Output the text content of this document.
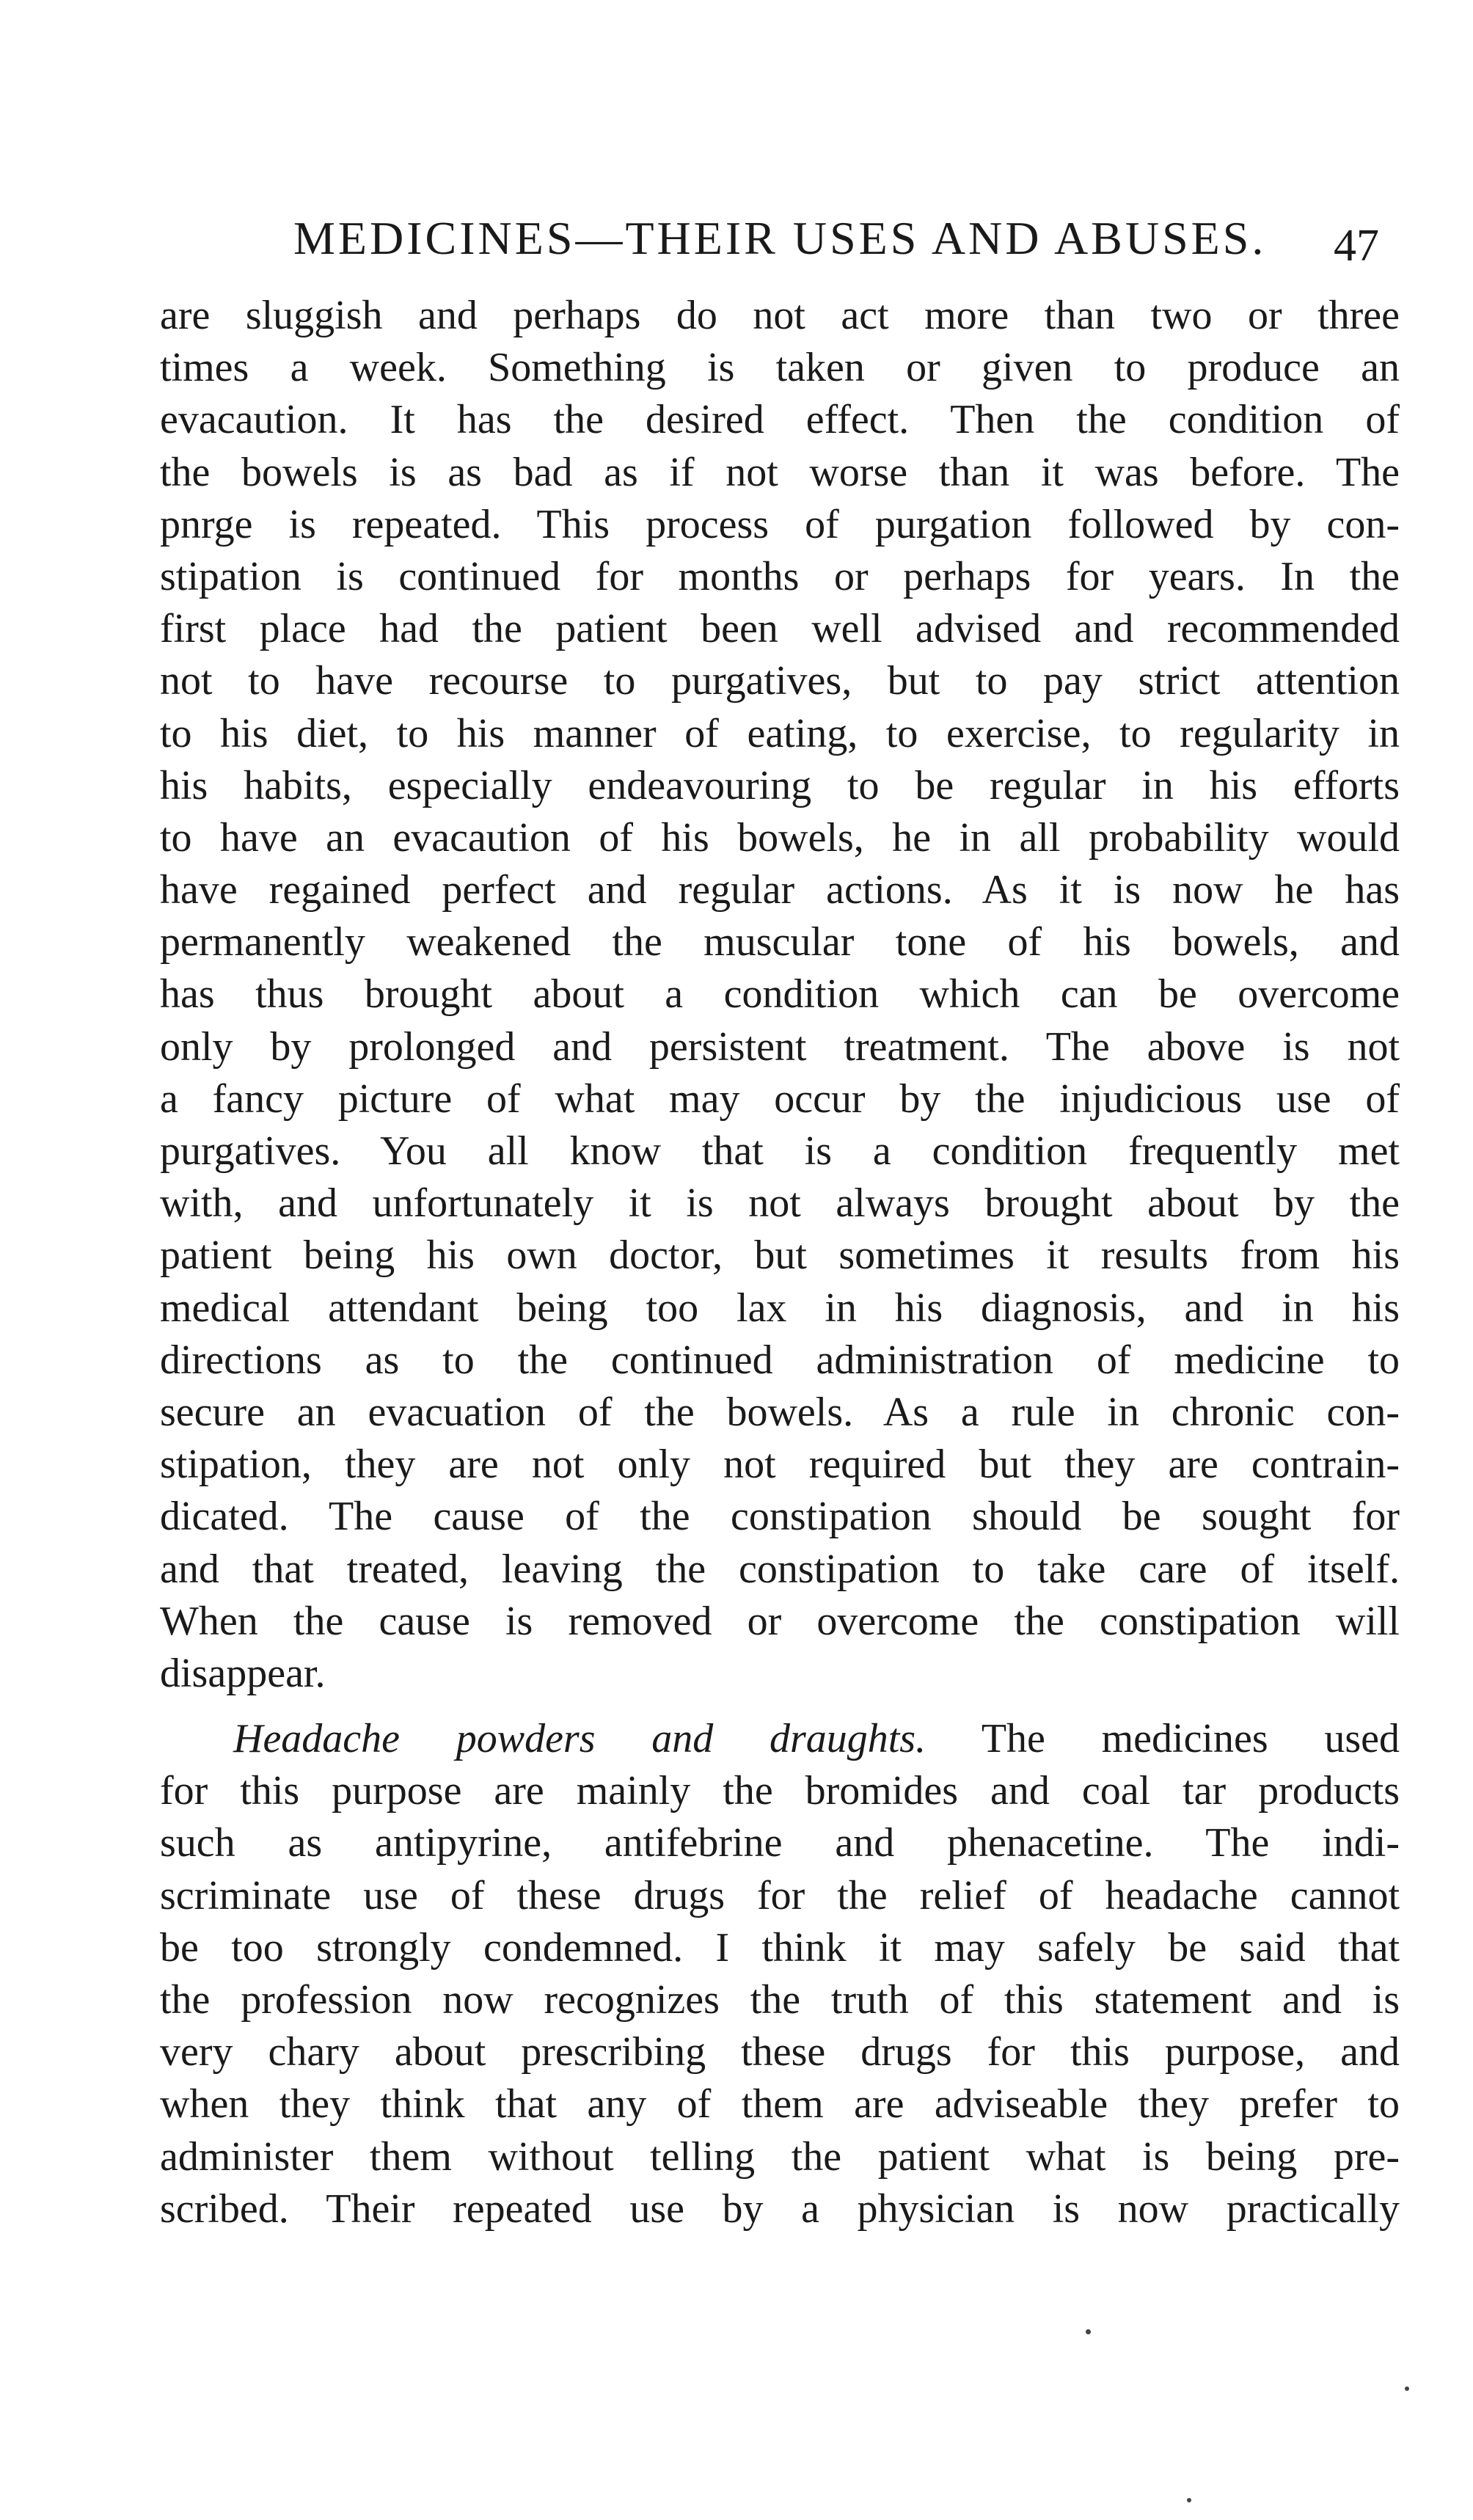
MEDICINES—THEIR USES AND ABUSES. 47
are sluggish and perhaps do not act more than two or three
times a week. Something is taken or given to produce an
evacaution. It has the desired effect. Then the condition of
the bowels is as bad as if not worse than it was before. The
pnrge is repeated. This process of purgation followed by con-
stipation is continued for months or perhaps for years. In the
first place had the patient been well advised and recommended
not to have recourse to purgatives, but to pay strict attention
to his diet, to his manner of eating, to exercise, to regularity in
his habits, especially endeavouring to be regular in his efforts
to have an evacaution of his bowels, he in all probability would
have regained perfect and regular actions. As it is now he has
permanently weakened the muscular tone of his bowels, and
has thus brought about a condition which can be overcome
only by prolonged and persistent treatment. The above is not
a fancy picture of what may occur by the injudicious use of
purgatives. You all know that is a condition frequently met
with, and unfortunately it is not always brought about by the
patient being his own doctor, but sometimes it results from his
medical attendant being too lax in his diagnosis, and in his
directions as to the continued administration of medicine to
secure an evacuation of the bowels. As a rule in chronic con-
stipation, they are not only not required but they are contrain-
dicated. The cause of the constipation should be sought for
and that treated, leaving the constipation to take care of itself.
When the cause is removed or overcome the constipation will
disappear.
Headache powders and draughts. The medicines used
for this purpose are mainly the bromides and coal tar products
such as antipyrine, antifebrine and phenacetine. The indi-
scriminate use of these drugs for the relief of headache cannot
be too strongly condemned. I think it may safely be said that
the profession now recognizes the truth of this statement and is
very chary about prescribing these drugs for this purpose, and
when they think that any of them are adviseable they prefer to
administer them without telling the patient what is being pre-
scribed. Their repeated use by a physician is now practically
